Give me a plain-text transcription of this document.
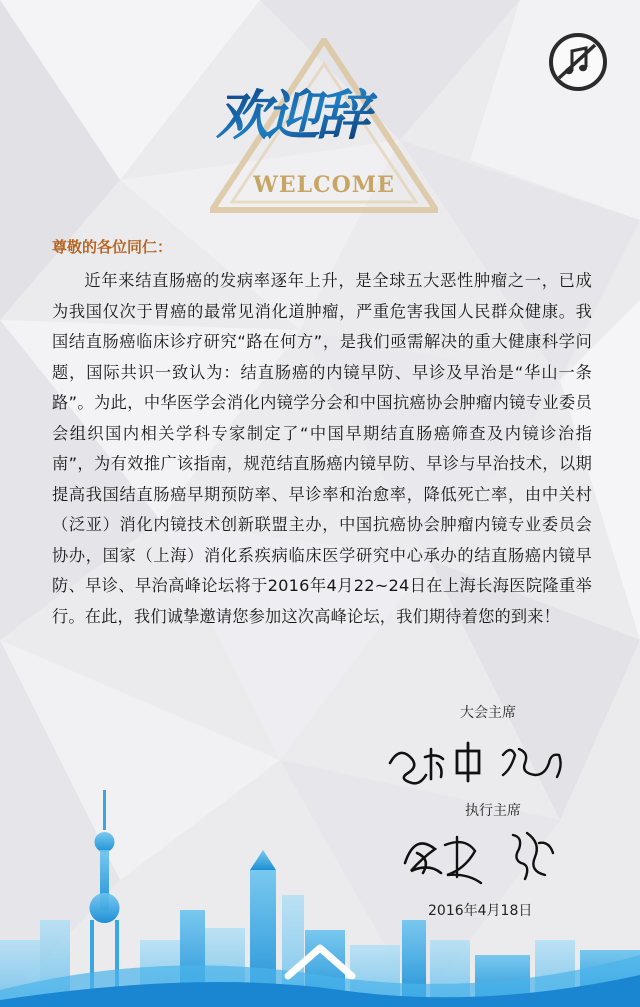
欢迎辞
WELCOME
尊敬的各位同仁：

近年来结直肠癌的发病率逐年上升，是全球五大恶性肿瘤之一，已成为我国仅次于胃癌的最常见消化道肿瘤，严重危害我国人民群众健康。我国结直肠癌临床诊疗研究“路在何方”，是我们亟需解决的重大健康科学问题，国际共识一致认为：结直肠癌的内镜早防、早诊及早治是“华山一条路”。为此，中华医学会消化内镜学分会和中国抗癌协会肿瘤内镜专业委员会组织国内相关学科专家制定了“中国早期结直肠癌筛查及内镜诊治指南”，为有效推广该指南，规范结直肠癌内镜早防、早诊与早治技术，以期提高我国结直肠癌早期预防率、早诊率和治愈率，降低死亡率，由中关村（泛亚）消化内镜技术创新联盟主办，中国抗癌协会肿瘤内镜专业委员会协办，国家（上海）消化系疾病临床医学研究中心承办的结直肠癌内镜早防、早诊、早治高峰论坛将于2016年4月22~24日在上海长海医院隆重举行。在此，我们诚挚邀请您参加这次高峰论坛，我们期待着您的到来！

大会主席
执行主席
2016年4月18日
